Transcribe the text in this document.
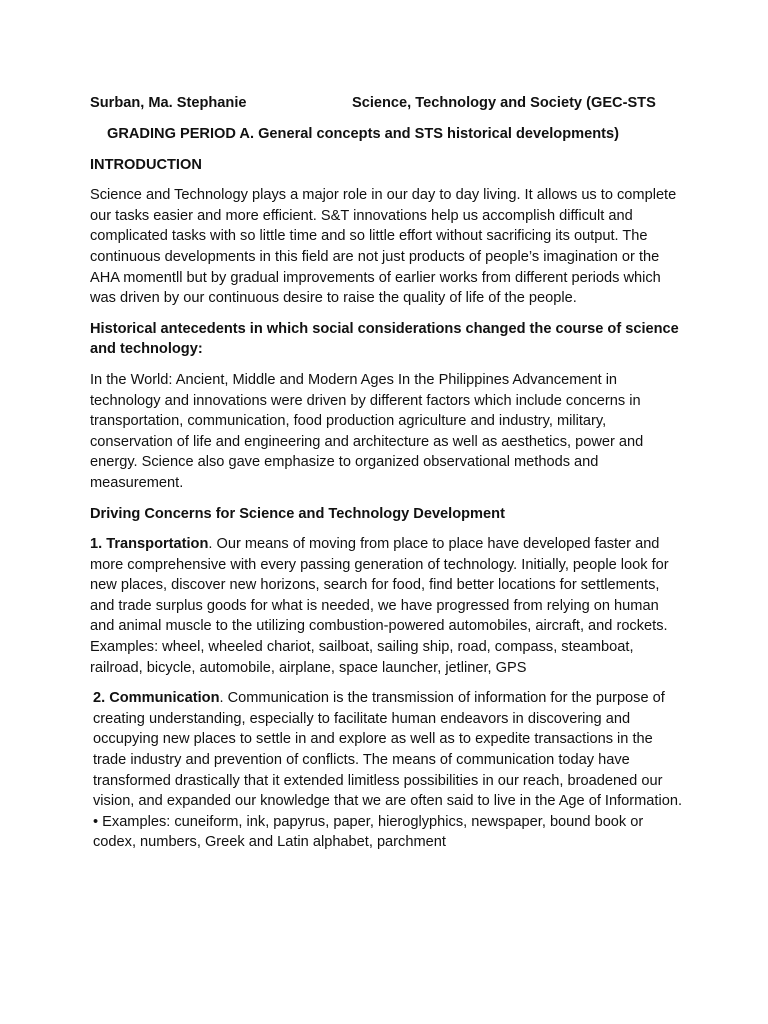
Surban, Ma. Stephanie	Science, Technology and Society (GEC-STS
GRADING PERIOD A. General concepts and STS historical developments)
INTRODUCTION

Science and Technology plays a major role in our day to day living. It allows us to complete our tasks easier and more efficient. S&T innovations help us accomplish difficult and complicated tasks with so little time and so little effort without sacrificing its output. The continuous developments in this field are not just products of people’s imagination or the AHA momentll but by gradual improvements of earlier works from different periods which was driven by our continuous desire to raise the quality of life of the people.

Historical antecedents in which social considerations changed the course of science and technology:

In the World: Ancient, Middle and Modern Ages In the Philippines Advancement in technology and innovations were driven by different factors which include concerns in transportation, communication, food production agriculture and industry, military, conservation of life and engineering and architecture as well as aesthetics, power and energy. Science also gave emphasize to organized observational methods and measurement.

Driving Concerns for Science and Technology Development

1. Transportation. Our means of moving from place to place have developed faster and more comprehensive with every passing generation of technology. Initially, people look for new places, discover new horizons, search for food, find better locations for settlements, and trade surplus goods for what is needed, we have progressed from relying on human and animal muscle to the utilizing combustion-powered automobiles, aircraft, and rockets. Examples: wheel, wheeled chariot, sailboat, sailing ship, road, compass, steamboat, railroad, bicycle, automobile, airplane, space launcher, jetliner, GPS

2. Communication. Communication is the transmission of information for the purpose of creating understanding, especially to facilitate human endeavors in discovering and occupying new places to settle in and explore as well as to expedite transactions in the trade industry and prevention of conflicts. The means of communication today have transformed drastically that it extended limitless possibilities in our reach, broadened our vision, and expanded our knowledge that we are often said to live in the Age of Information. • Examples: cuneiform, ink, papyrus, paper, hieroglyphics, newspaper, bound book or codex, numbers, Greek and Latin alphabet, parchment
